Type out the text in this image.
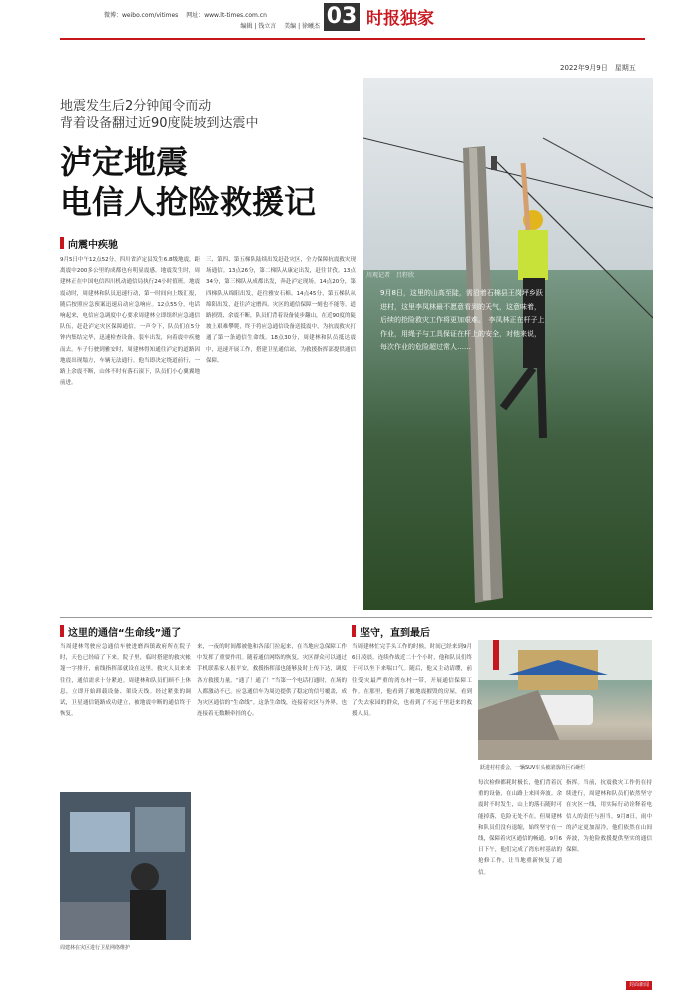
微博：weibo.com/vitimes　 网址：www.lt-times.com.cn
编辑 | 钱立言　 美编 | 徐曦杰 03 时报独家
2022年9月9日　星期五
地震发生后2分钟闻令而动
背着设备翻过近90度陡坡到达震中
泸定地震
电信人抢险救援记
川观记者　吕籽欣
9月8日，这里的山高至陡，需沿着石棉县王岗坪乡跃进村，这里李凤林最不愿意看到的天气，这意味着，后续的抢险救灾工作将更加艰难。　李凤林正在杆子上作业，用绳子与工具保证在杆上的安全，对他来说，每次作业的危险超过常人……
向震中疾驰
9月5日中午12点52分，四川省泸定县发生6.8级地震，距离震中200多公里的成都也有明显震感。地震发生时，周建林正在中国电信四川机动通信局执行24小时值班。地震震动时，周建林和队员迅速行动，第一时间向上级汇报，随后按照应急预案迅速启动应急响应。12点55分，电话响起来，电信应急调度中心要求周建林立即组织应急通信队伍，赶赴泸定灾区保障通信。一声令下，队员们在5分钟内集结完毕，迅速检查设备、装车出发，向着震中疾驰而去。车子行驶到雅安时，周建林得知通往泸定的道路因地震出现塌方，车辆无法通行。他当即决定绕道前行，一路上余震不断，山体不时有落石滚下，队员们小心翼翼地前进。
三、第四、第五梯队陆续出发赶赴灾区，全力保障抗震救灾现场通信。13点26分，第二梯队从康定出发，赶往甘孜。13点34分，第三梯队从成都出发，奔赴泸定现场。14点20分，第四梯队从绵阳出发，赶往雅安石棉。14点45分，第五梯队从绵阳出发，赶往泸定磨西。灾区的通信保障一刻也不能等。道路损毁、余震不断，队员们背着设备徒步翻山，在近90度的陡坡上艰难攀爬，终于将应急通信设备送抵震中，为抗震救灾打通了第一条通信生命线。18点30分，周建林和队员抵达震中，迅速开展工作，搭建卫星通信站，为救援指挥部提供通信保障。
这里的通信“生命线”通了
当周建林驾驶应急通信车驶进磨西镇政府所在院子时，天色已经暗了下来。院子里，临时搭建的救灾帐篷一字排开，前线指挥部就设在这里。救灾人员来来往往，通信需求十分紧迫。周建林和队员们顾不上休息，立即开始卸载设备、架设天线。经过紧张的调试，卫星通信链路成功建立，被地震中断的通信终于恢复。
来，一夜的时间都被他和各部门拉起来，在当地应急保障工作中发挥了重要作用。随着通信网络的恢复，灾区群众可以通过手机联系家人报平安，救援指挥部也能够及时上传下达，调度各方救援力量。“通了！通了！”当第一个电话打通时，在场的人都激动不已。应急通信车为周边提供了稳定的信号覆盖，成为灾区通信的“生命线”。这条生命线，连接着灾区与外界，也连接着无数颗牵挂的心。
周建林在灾区进行卫星网络维护
坚守，直到最后
当周建林忙完手头工作的时候，时间已经来到9月6日凌晨。连续作战近二十个小时，他和队员们终于可以坐下来喘口气。随后，他又主动请缨，前往受灾最严重的湾东村一带，开展通信保障工作。在那里，他看到了被地震摧毁的房屋，看到了失去家园的群众，也看到了不远千里赶来的救援人员。
跃进村村委会，一辆SUV车头被滚落的巨石砸烂
每次检修都耗时极长，他们背着沉重的设备，在山路上来回奔波。余震时不时发生，山上的落石随时可能掉落，危险无处不在。但周建林和队员们没有退缩，始终坚守在一线，保障着灾区通信的畅通。9月6日下午，他们完成了湾东村基站的抢修工作，让当地重新恢复了通信。
指挥。当前，抗震救灾工作仍在持续进行，周建林和队员们依然坚守在灾区一线，用实际行动诠释着电信人的责任与担当。9月8日，雨中的泸定更加湿冷，他们依然在山间奔波，为抢险救援提供坚实的通信保障。
封面新闻
